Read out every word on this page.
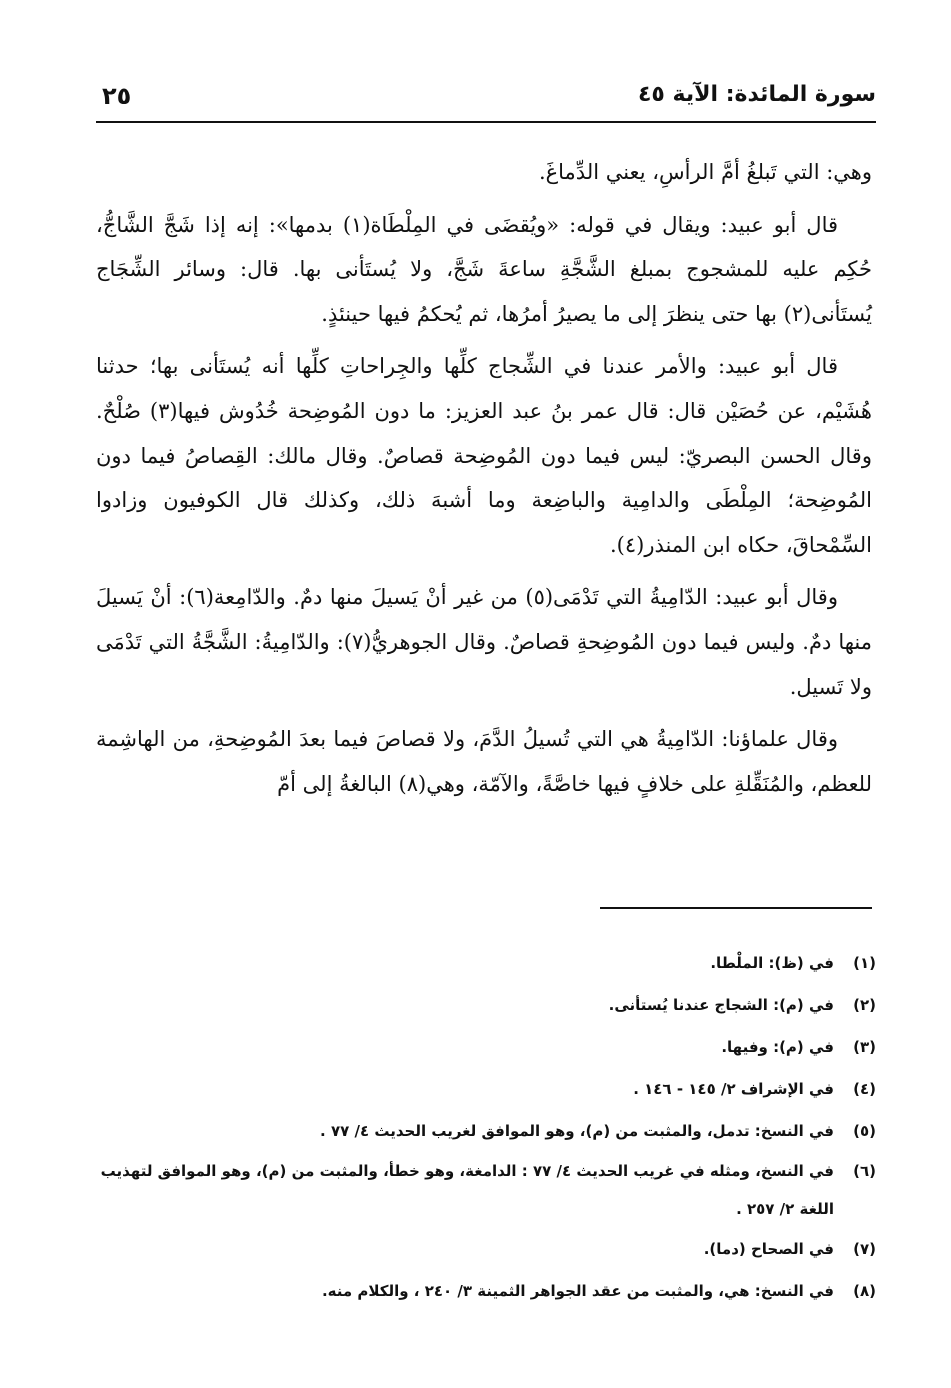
سورة المائدة: الآية ٤٥
٢٥

وهي: التي تَبلغُ أمَّ الرأسِ، يعني الدِّماغَ.

قال أبو عبيد: ويقال في قوله: «ويُقضَى في المِلْطَاة(١) بدمها»: إنه إذا شَجَّ الشَّاجُّ، حُكِم عليه للمشجوج بمبلغ الشَّجَّةِ ساعةَ شَجَّ، ولا يُستَأنى بها. قال: وسائر الشِّجَاج يُستَأنى(٢) بها حتى ينظرَ إلى ما يصيرُ أمرُها، ثم يُحكمُ فيها حينئذٍ.

قال أبو عبيد: والأمر عندنا في الشِّجاج كلِّها والجِراحاتِ كلِّها أنه يُستَأنى بها؛ حدثنا هُشَيْم، عن حُصَيْن قال: قال عمر بنُ عبد العزيز: ما دون المُوضِحة خُدُوش فيها(٣) صُلْحٌ. وقال الحسن البصريّ: ليس فيما دون المُوضِحة قصاصٌ. وقال مالك: القِصاصُ فيما دون المُوضِحة؛ المِلْطَى والدامِية والباضِعة وما أشبهَ ذلك، وكذلك قال الكوفيون وزادوا السِّمْحاقَ، حكاه ابن المنذر(٤).

وقال أبو عبيد: الدّامِيةُ التي تَدْمَى(٥) من غير أنْ يَسيلَ منها دمٌ. والدّامِعة(٦): أنْ يَسيلَ منها دمٌ. وليس فيما دون المُوضِحةِ قصاصٌ. وقال الجوهريُّ(٧): والدّامِيةُ: الشَّجَّةُ التي تَدْمَى ولا تَسيل.

وقال علماؤنا: الدّامِيةُ هي التي تُسيلُ الدَّمَ، ولا قصاصَ فيما بعدَ المُوضِحةِ، من الهاشِمة للعظم، والمُنَقِّلةِ على خلافٍ فيها خاصَّةً، والآمّة، وهي(٨) البالغةُ إلى أمّ

(١)
في (ظ): الملْطا.
(٢)
في (م): الشجاج عندنا يُستأنى.
(٣)
في (م): وفيها.
(٤)
في الإشراف ٢/ ١٤٥ - ١٤٦ .
(٥)
في النسخ: تدمل، والمثبت من (م)، وهو الموافق لغريب الحديث ٤/ ٧٧ .
(٦)
في النسخ، ومثله في غريب الحديث ٤/ ٧٧ : الدامغة، وهو خطأ، والمثبت من (م)، وهو الموافق لتهذيب اللغة ٢/ ٢٥٧ .
(٧)
في الصحاح (دما).
(٨)
في النسخ: هي، والمثبت من عقد الجواهر الثمينة ٣/ ٢٤٠ ، والكلام منه.
